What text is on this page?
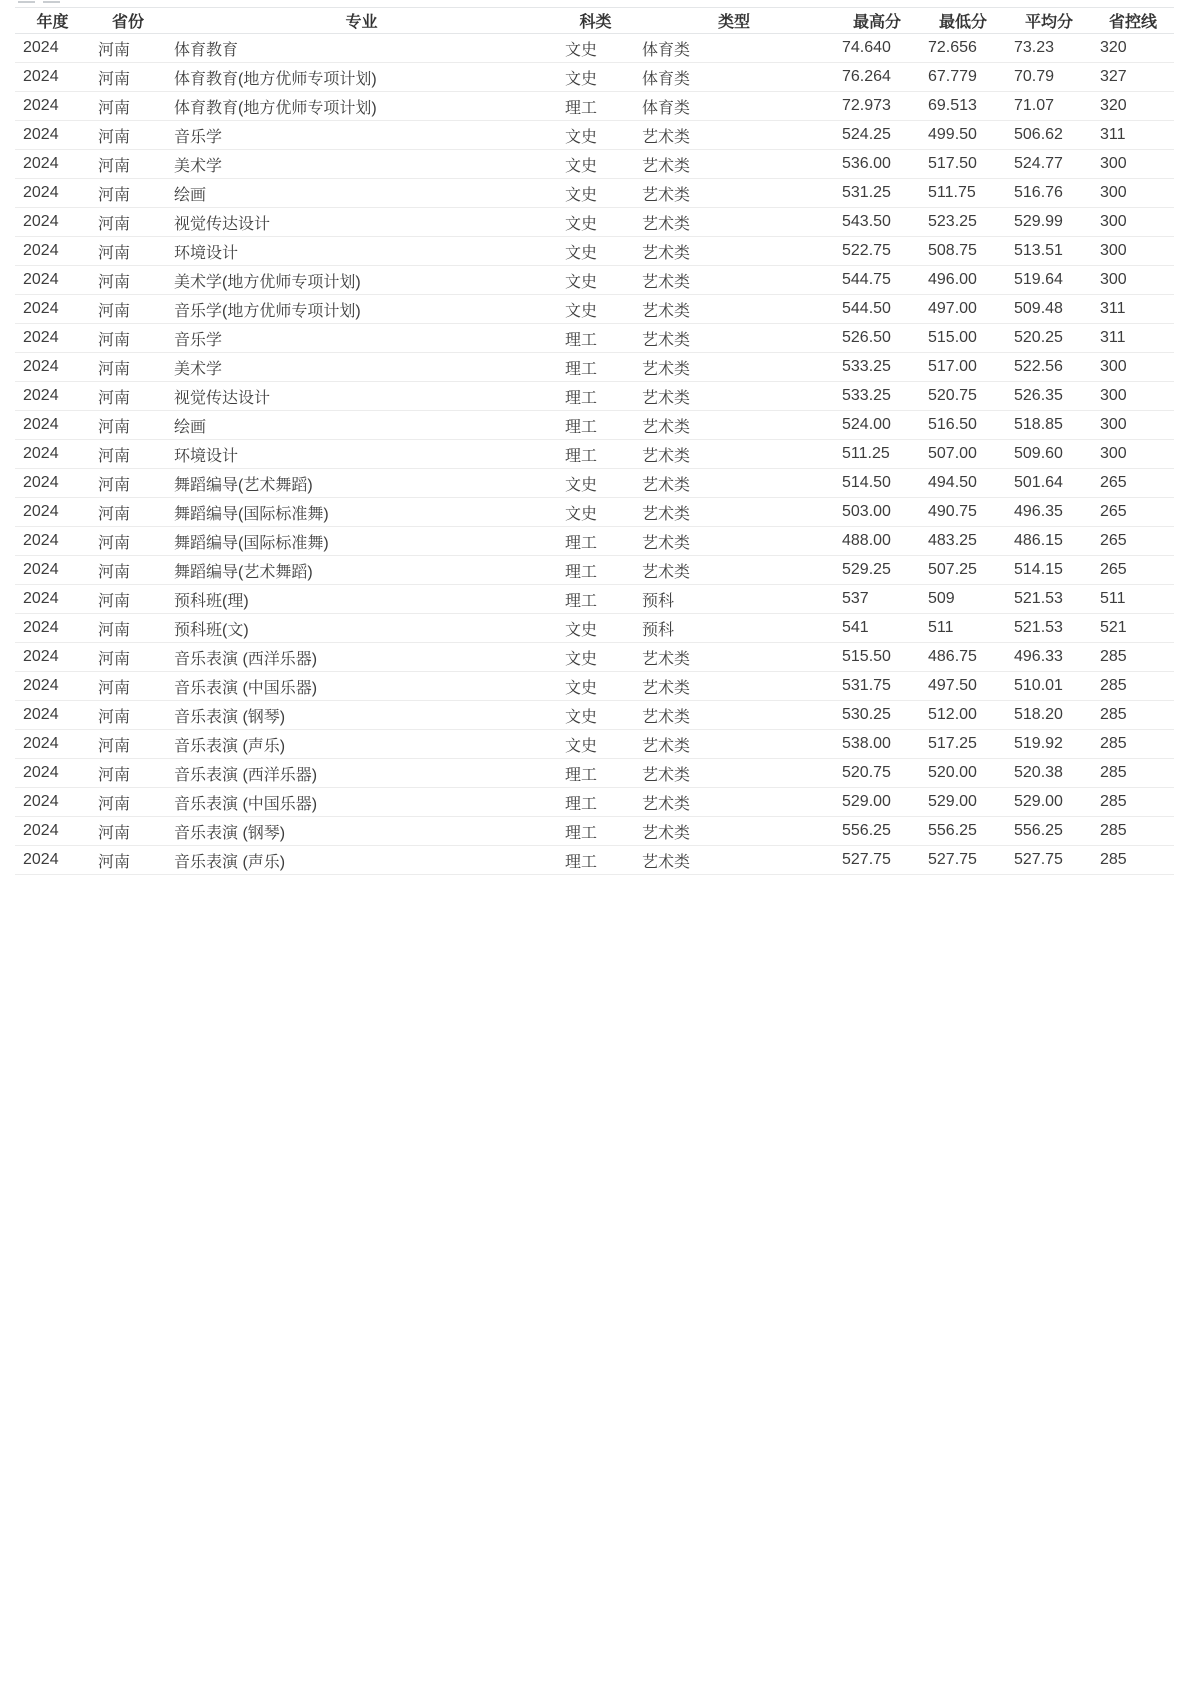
年度	省份	专业	科类	类型	最高分	最低分	平均分	省控线
2024	河南	体育教育	文史	体育类	74.640	72.656	73.23	320
2024	河南	体育教育(地方优师专项计划)	文史	体育类	76.264	67.779	70.79	327
2024	河南	体育教育(地方优师专项计划)	理工	体育类	72.973	69.513	71.07	320
2024	河南	音乐学	文史	艺术类	524.25	499.50	506.62	311
2024	河南	美术学	文史	艺术类	536.00	517.50	524.77	300
2024	河南	绘画	文史	艺术类	531.25	511.75	516.76	300
2024	河南	视觉传达设计	文史	艺术类	543.50	523.25	529.99	300
2024	河南	环境设计	文史	艺术类	522.75	508.75	513.51	300
2024	河南	美术学(地方优师专项计划)	文史	艺术类	544.75	496.00	519.64	300
2024	河南	音乐学(地方优师专项计划)	文史	艺术类	544.50	497.00	509.48	311
2024	河南	音乐学	理工	艺术类	526.50	515.00	520.25	311
2024	河南	美术学	理工	艺术类	533.25	517.00	522.56	300
2024	河南	视觉传达设计	理工	艺术类	533.25	520.75	526.35	300
2024	河南	绘画	理工	艺术类	524.00	516.50	518.85	300
2024	河南	环境设计	理工	艺术类	511.25	507.00	509.60	300
2024	河南	舞蹈编导(艺术舞蹈)	文史	艺术类	514.50	494.50	501.64	265
2024	河南	舞蹈编导(国际标准舞)	文史	艺术类	503.00	490.75	496.35	265
2024	河南	舞蹈编导(国际标准舞)	理工	艺术类	488.00	483.25	486.15	265
2024	河南	舞蹈编导(艺术舞蹈)	理工	艺术类	529.25	507.25	514.15	265
2024	河南	预科班(理)	理工	预科	537	509	521.53	511
2024	河南	预科班(文)	文史	预科	541	511	521.53	521
2024	河南	音乐表演 (西洋乐器)	文史	艺术类	515.50	486.75	496.33	285
2024	河南	音乐表演 (中国乐器)	文史	艺术类	531.75	497.50	510.01	285
2024	河南	音乐表演 (钢琴)	文史	艺术类	530.25	512.00	518.20	285
2024	河南	音乐表演 (声乐)	文史	艺术类	538.00	517.25	519.92	285
2024	河南	音乐表演 (西洋乐器)	理工	艺术类	520.75	520.00	520.38	285
2024	河南	音乐表演 (中国乐器)	理工	艺术类	529.00	529.00	529.00	285
2024	河南	音乐表演 (钢琴)	理工	艺术类	556.25	556.25	556.25	285
2024	河南	音乐表演 (声乐)	理工	艺术类	527.75	527.75	527.75	285
